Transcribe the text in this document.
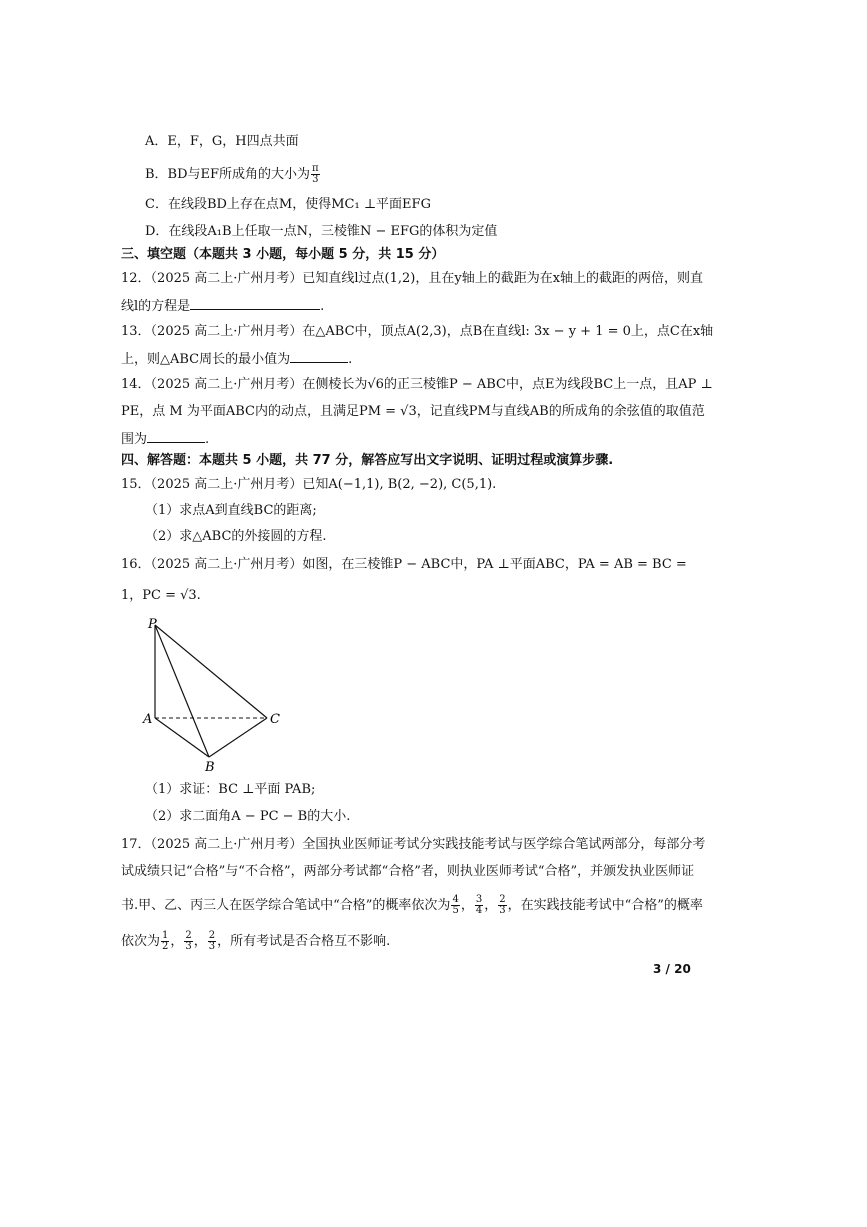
A．E，F，G，H四点共面
B．BD与EF所成角的大小为 $\frac{\pi}{3}$
C．在线段BD上存在点M，使得MC₁ ⊥平面EFG
D．在线段A₁B上任取一点N，三棱锥N − EFG的体积为定值
三、填空题（本题共 3 小题，每小题 5 分，共 15 分）
12．（2025 高二上·广州月考）已知直线l过点(1,2)，且在y轴上的截距为在x轴上的截距的两倍，则直
线l的方程是	.
13．（2025 高二上·广州月考）在△ABC中，顶点A(2,3)，点B在直线l: 3x − y + 1 = 0上，点C在x轴
上，则△ABC周长的最小值为	.
14．（2025 高二上·广州月考）在侧棱长为√6的正三棱锥P − ABC中，点E为线段BC上一点，且AP ⊥
PE，点 M 为平面ABC内的动点，且满足PM = √3，记直线PM与直线AB的所成角的余弦值的取值范
围为	.
四、解答题：本题共 5 小题，共 77 分，解答应写出文字说明、证明过程或演算步骤.
15．（2025 高二上·广州月考）已知A(−1,1), B(2, −2), C(5,1).
（1）求点A到直线BC的距离;
（2）求△ABC的外接圆的方程.
16．（2025 高二上·广州月考）如图，在三棱锥P − ABC中，PA ⊥平面ABC，PA = AB = BC =
1，PC = √3.
P
A
B
C
（1）求证：BC ⊥平面 PAB;
（2）求二面角A − PC − B的大小.
17．（2025 高二上·广州月考）全国执业医师证考试分实践技能考试与医学综合笔试两部分，每部分考
试成绩只记“合格”与“不合格”，两部分考试都“合格”者，则执业医师考试“合格”，并颁发执业医师证
书.甲、乙、丙三人在医学综合笔试中“合格”的概率依次为 $\frac{4}{5}$ ， $\frac{3}{4}$ ， $\frac{2}{3}$ ，在实践技能考试中“合格”的概率
依次为 $\frac{1}{2}$ ， $\frac{2}{3}$ ， $\frac{2}{3}$ ，所有考试是否合格互不影响.
3 / 20
